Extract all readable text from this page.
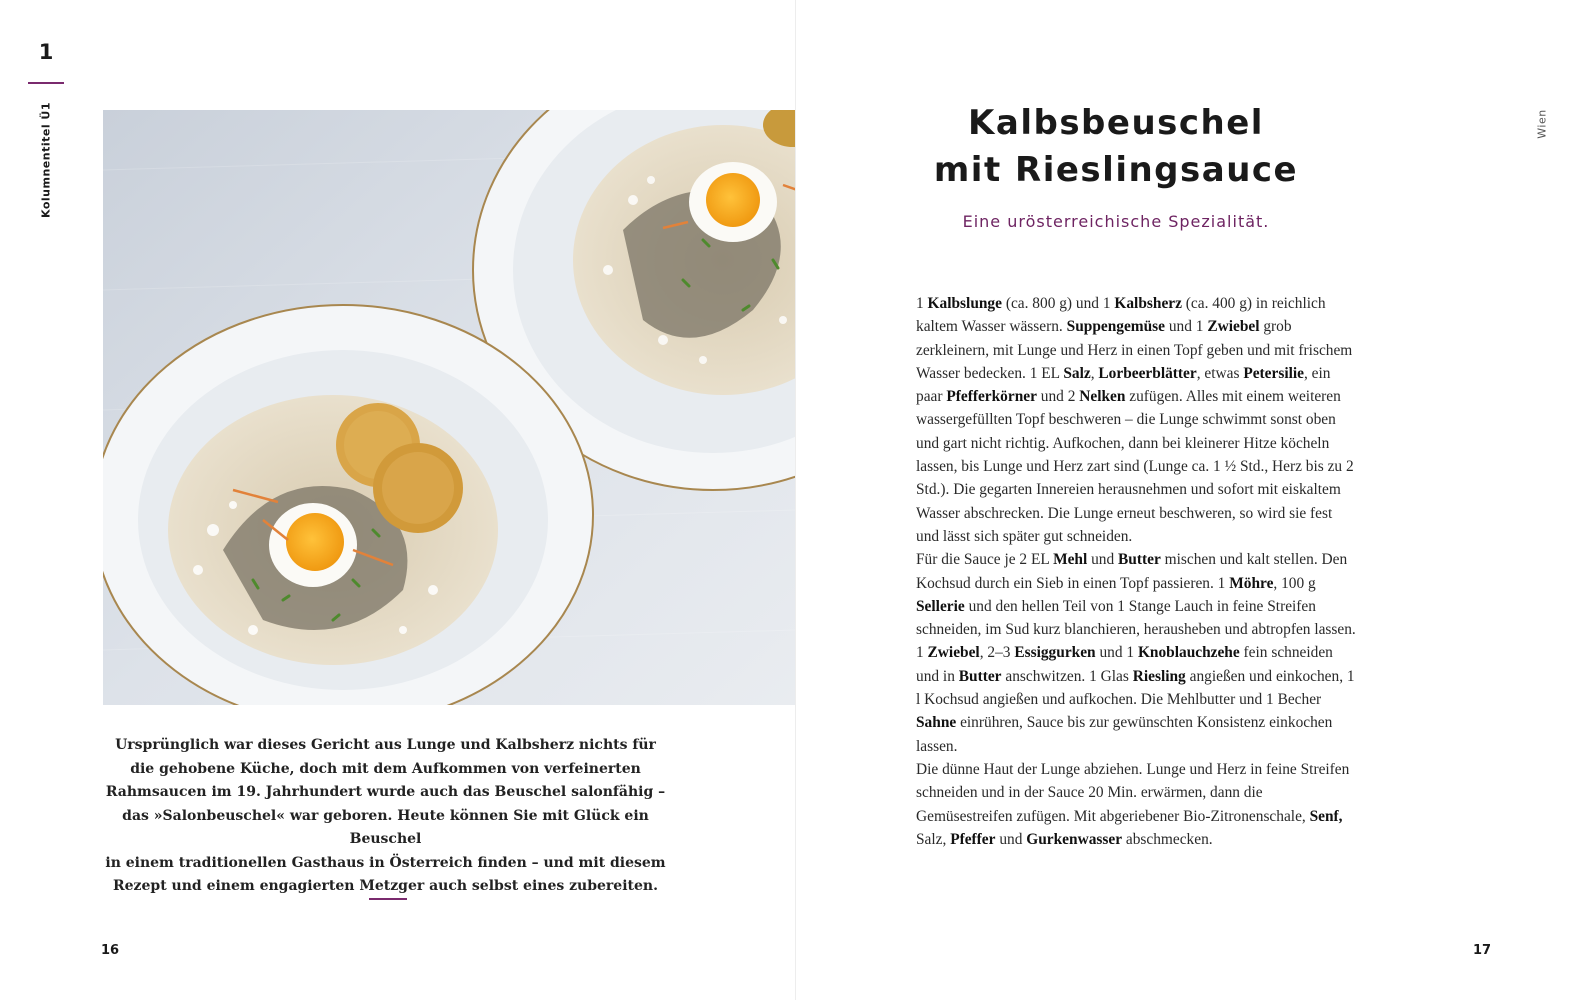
1
Kolumnentitel Ü1
Ursprünglich war dieses Gericht aus Lunge und Kalbsherz nichts für
die gehobene Küche, doch mit dem Aufkommen von verfeinerten
Rahmsaucen im 19. Jahrhundert wurde auch das Beuschel salonfähig –
das »Salonbeuschel« war geboren. Heute können Sie mit Glück ein Beuschel
in einem traditionellen Gasthaus in Österreich finden – und mit diesem
Rezept und einem engagierten Metzger auch selbst eines zubereiten.
16
Kalbsbeuschel
mit Rieslingsauce
Eine urösterreichische Spezialität.

1 Kalbslunge (ca. 800 g) und 1 Kalbsherz (ca. 400 g) in reichlich kaltem Wasser wässern. Suppengemüse und 1 Zwiebel grob zerkleinern, mit Lunge und Herz in einen Topf geben und mit frischem Wasser bedecken. 1 EL Salz, Lorbeerblätter, etwas Petersilie, ein paar Pfefferkörner und 2 Nelken zufügen. Alles mit einem weiteren wassergefüllten Topf beschweren – die Lunge schwimmt sonst oben und gart nicht richtig. Aufkochen, dann bei kleinerer Hitze köcheln lassen, bis Lunge und Herz zart sind (Lunge ca. 1 ½ Std., Herz bis zu 2 Std.). Die gegarten Innereien herausnehmen und sofort mit eiskaltem Wasser abschrecken. Die Lunge erneut beschweren, so wird sie fest und lässt sich später gut schneiden.

Für die Sauce je 2 EL Mehl und Butter mischen und kalt stellen. Den Kochsud durch ein Sieb in einen Topf passieren. 1 Möhre, 100 g Sellerie und den hellen Teil von 1 Stange Lauch in feine Streifen schneiden, im Sud kurz blanchieren, herausheben und abtropfen lassen. 1 Zwiebel, 2–3 Essiggurken und 1 Knoblauchzehe fein schneiden und in Butter anschwitzen. 1 Glas Riesling angießen und einkochen, 1 l Kochsud angießen und aufkochen. Die Mehlbutter und 1 Becher Sahne einrühren, Sauce bis zur gewünschten Konsistenz einkochen lassen.

Die dünne Haut der Lunge abziehen. Lunge und Herz in feine Streifen schneiden und in der Sauce 20 Min. erwärmen, dann die Gemüsestreifen zufügen. Mit abgeriebener Bio-Zitronenschale, Senf, Salz, Pfeffer und Gurkenwasser abschmecken.

Wien
17
